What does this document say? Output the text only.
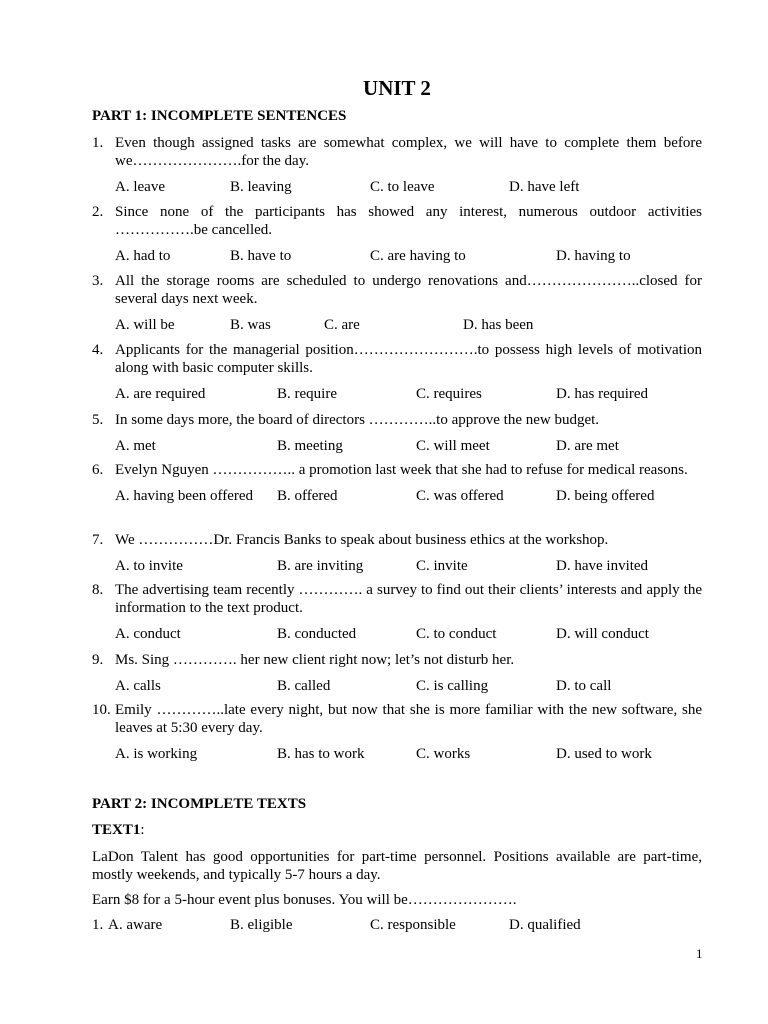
UNIT 2
PART 1: INCOMPLETE SENTENCES
1. Even though assigned tasks are somewhat complex, we will have to complete them before we………………….for the day.
A. leave	B. leaving	C. to leave	D. have left
2. Since none of the participants has showed any interest, numerous outdoor activities …………….be cancelled.
A. had to	B. have to	C. are having to	D. having to
3. All the storage rooms are scheduled to undergo renovations and…………………..closed for several days next week.
A. will be	B. was	C. are	D. has been
4. Applicants for the managerial position…………………….to possess high levels of motivation along with basic computer skills.
A. are required	B. require	C. requires	D. has required
5. In some days more, the board of directors …………..to approve the new budget.
A. met	B. meeting	C. will meet	D. are met
6. Evelyn Nguyen …………….. a promotion last week that she had to refuse for medical reasons.
A. having been offered B. offered	C. was offered	D. being offered
7. We ……………Dr. Francis Banks to speak about business ethics at the workshop.
A. to invite	B. are inviting	C. invite	D. have invited
8. The advertising team recently …………. a survey to find out their clients’ interests and apply the information to the text product.
A. conduct	B. conducted	C. to conduct	D. will conduct
9. Ms. Sing …………. her new client right now; let’s not disturb her.
A. calls	B. called	C. is calling	D. to call
10. Emily …………..late every night, but now that she is more familiar with the new software, she leaves at 5:30 every day.
A. is working	B. has to work	C. works	D. used to work
PART 2: INCOMPLETE TEXTS
TEXT1:
LaDon Talent has good opportunities for part-time personnel. Positions available are part-time, mostly weekends, and typically 5-7 hours a day.
Earn $8 for a 5-hour event plus bonuses. You will be………………….
1. A. aware	B. eligible	C. responsible	D. qualified
1
